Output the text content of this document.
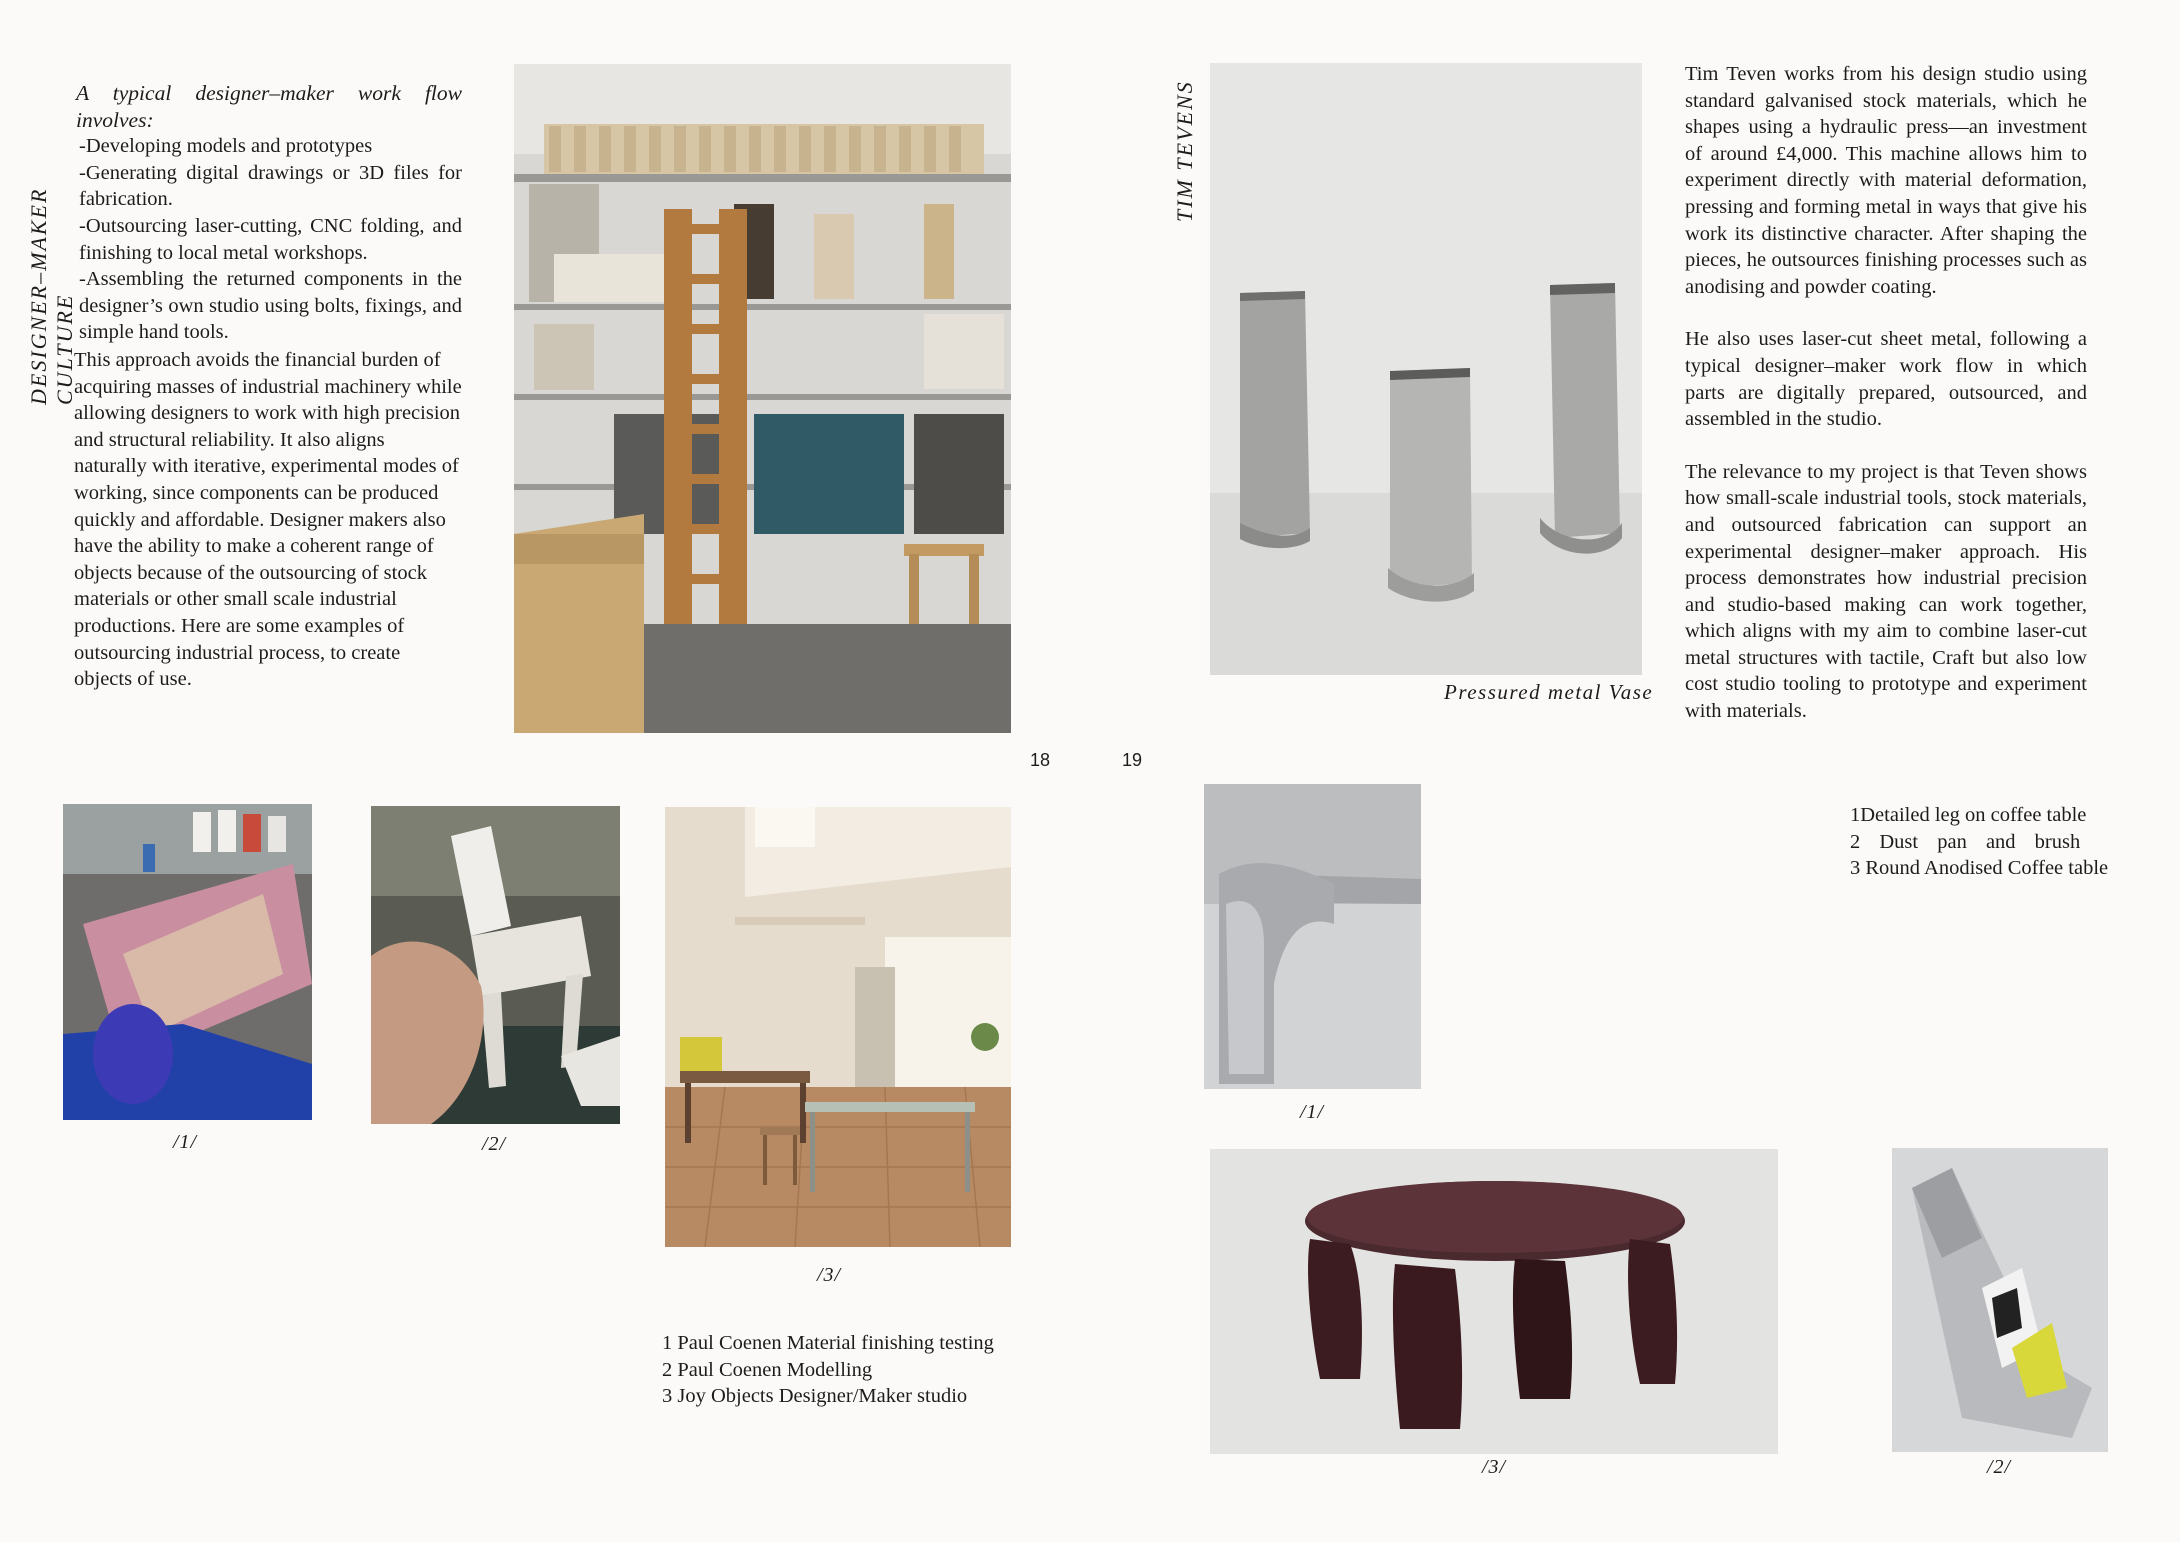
DESIGNER–MAKER CULTURE

A typical designer–maker work flow involves:

-Developing models and prototypes

-Generating digital drawings or 3D files for fabrication.

-Outsourcing laser-cutting, CNC folding, and finishing to local metal workshops.

-Assembling the returned components in the designer’s own studio using bolts, fixings, and simple hand tools.

This approach avoids the financial burden of acquiring masses of industrial machinery while allowing designers to work with high precision and structural reliability. It also aligns naturally with iterative, experimental modes of working, since components can be produced quickly and affordable. Designer makers also have the ability to make a coherent range of objects because of the outsourcing of stock materials or other small scale industrial productions. Here are some examples of outsourcing industrial process, to create objects of use.
/1/	/2/
/3/
1 Paul Coenen Material finishing testing
2 Paul Coenen Modelling
3 Joy Objects Designer/Maker studio
18
TIM TEVENS
19
Pressured metal Vase

Tim Teven works from his design studio using standard galvanised stock materials, which he shapes using a hydraulic press—an investment of around £4,000. This machine allows him to experiment directly with material deformation, pressing and forming metal in ways that give his work its distinctive character. After shaping the pieces, he outsources finishing processes such as anodising and powder coating.

He also uses laser-cut sheet metal, following a typical designer–maker work flow in which parts are digitally prepared, outsourced, and assembled in the studio.

The relevance to my project is that Teven shows how small-scale industrial tools, stock materials, and outsourced fabrication can support an experimental designer–maker approach. His process demonstrates how industrial precision and studio-based making can work together, which aligns with my aim to combine laser-cut metal structures with tactile, Craft but also low cost studio tooling to prototype and experiment with materials.

/1/
/3/	/2/
1Detailed leg on coffee table
2 Dust pan and brush
3 Round Anodised Coffee table
